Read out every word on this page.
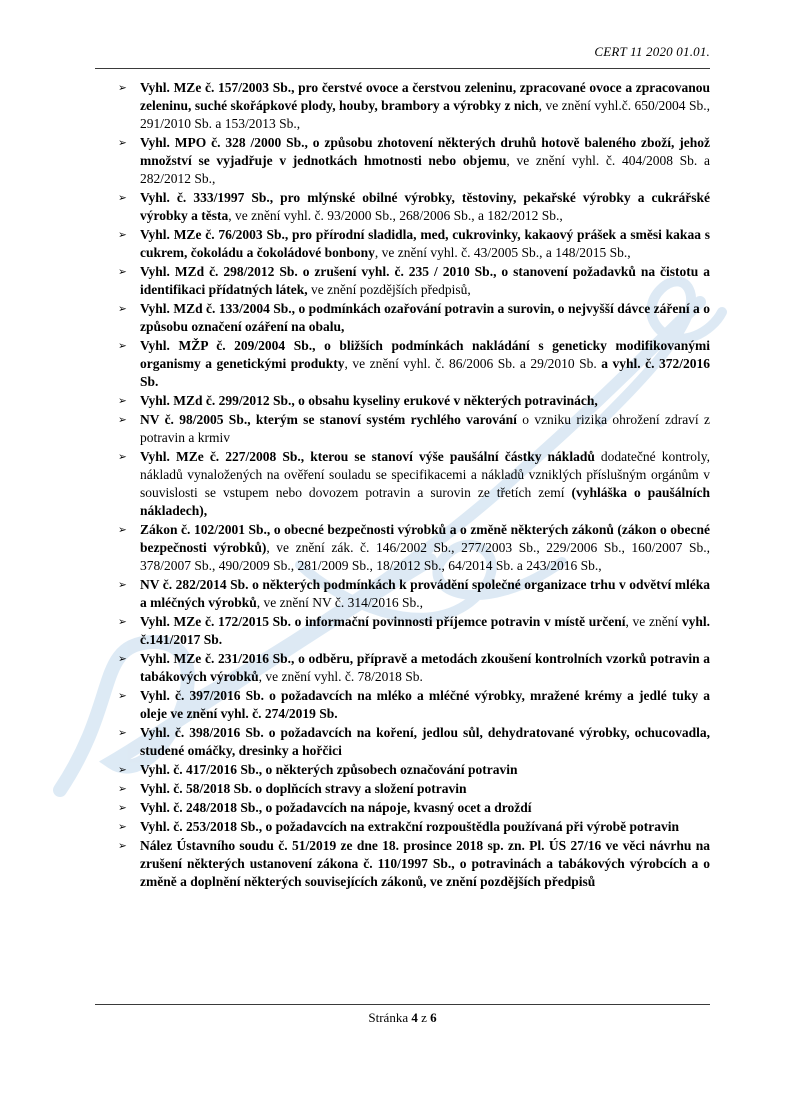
CERT 11 2020 01.01.
➢ Vyhl. MZe č. 157/2003 Sb., pro čerstvé ovoce a čerstvou zeleninu, zpracované ovoce a zpracovanou zeleninu, suché skořápkové plody, houby, brambory a výrobky z nich, ve znění vyhl.č. 650/2004 Sb., 291/2010 Sb. a 153/2013 Sb.,
➢ Vyhl. MPO č. 328 /2000 Sb., o způsobu zhotovení některých druhů hotově baleného zboží, jehož množství se vyjadřuje v jednotkách hmotnosti nebo objemu, ve znění vyhl. č. 404/2008 Sb. a 282/2012 Sb.,
➢ Vyhl. č. 333/1997 Sb., pro mlýnské obilné výrobky, těstoviny, pekařské výrobky a cukrářské výrobky a těsta, ve znění vyhl. č. 93/2000 Sb., 268/2006 Sb., a 182/2012 Sb.,
➢ Vyhl. MZe č. 76/2003 Sb., pro přírodní sladidla, med, cukrovinky, kakaový prášek a směsi kakaa s cukrem, čokoládu a čokoládové bonbony, ve znění vyhl. č. 43/2005 Sb., a 148/2015 Sb.,
➢ Vyhl. MZd č. 298/2012 Sb. o zrušení vyhl. č. 235 / 2010 Sb., o stanovení požadavků na čistotu a identifikaci přídatných látek, ve znění pozdějších předpisů,
➢ Vyhl. MZd č. 133/2004 Sb., o podmínkách ozařování potravin a surovin, o nejvyšší dávce záření a o způsobu označení ozáření na obalu,
➢ Vyhl. MŽP č. 209/2004 Sb., o bližších podmínkách nakládání s geneticky modifikovanými organismy a genetickými produkty, ve znění vyhl. č. 86/2006 Sb. a 29/2010 Sb. a vyhl. č. 372/2016 Sb.
➢ Vyhl. MZd č. 299/2012 Sb., o obsahu kyseliny erukové v některých potravinách,
➢ NV č. 98/2005 Sb., kterým se stanoví systém rychlého varování o vzniku rizika ohrožení zdraví z potravin a krmiv
➢ Vyhl. MZe č. 227/2008 Sb., kterou se stanoví výše paušální částky nákladů dodatečné kontroly, nákladů vynaložených na ověření souladu se specifikacemi a nákladů vzniklých příslušným orgánům v souvislosti se vstupem nebo dovozem potravin a surovin ze třetích zemí (vyhláška o paušálních nákladech),
➢ Zákon č. 102/2001 Sb., o obecné bezpečnosti výrobků a o změně některých zákonů (zákon o obecné bezpečnosti výrobků), ve znění zák. č. 146/2002 Sb., 277/2003 Sb., 229/2006 Sb., 160/2007 Sb., 378/2007 Sb., 490/2009 Sb., 281/2009 Sb., 18/2012 Sb., 64/2014 Sb. a 243/2016 Sb.,
➢ NV č. 282/2014 Sb. o některých podmínkách k provádění společné organizace trhu v odvětví mléka a mléčných výrobků, ve znění NV č. 314/2016 Sb.,
➢ Vyhl. MZe č. 172/2015 Sb. o informační povinnosti příjemce potravin v místě určení, ve znění vyhl. č.141/2017 Sb.
➢ Vyhl. MZe č. 231/2016 Sb., o odběru, přípravě a metodách zkoušení kontrolních vzorků potravin a tabákových výrobků, ve znění vyhl. č. 78/2018 Sb.
➢ Vyhl. č. 397/2016 Sb. o požadavcích na mléko a mléčné výrobky, mražené krémy a jedlé tuky a oleje ve znění vyhl. č. 274/2019 Sb.
➢ Vyhl. č. 398/2016 Sb. o požadavcích na koření, jedlou sůl, dehydratované výrobky, ochucovadla, studené omáčky, dresinky a hořčici
➢ Vyhl. č. 417/2016 Sb., o některých způsobech označování potravin
➢ Vyhl. č. 58/2018 Sb. o doplňcích stravy a složení potravin
➢ Vyhl. č. 248/2018 Sb., o požadavcích na nápoje, kvasný ocet a droždí
➢ Vyhl. č. 253/2018 Sb., o požadavcích na extrakční rozpouštědla používaná při výrobě potravin
➢ Nález Ústavního soudu č. 51/2019 ze dne 18. prosince 2018 sp. zn. Pl. ÚS 27/16 ve věci návrhu na zrušení některých ustanovení zákona č. 110/1997 Sb., o potravinách a tabákových výrobcích a o změně a doplnění některých souvisejících zákonů, ve znění pozdějších předpisů
Stránka 4 z 6
